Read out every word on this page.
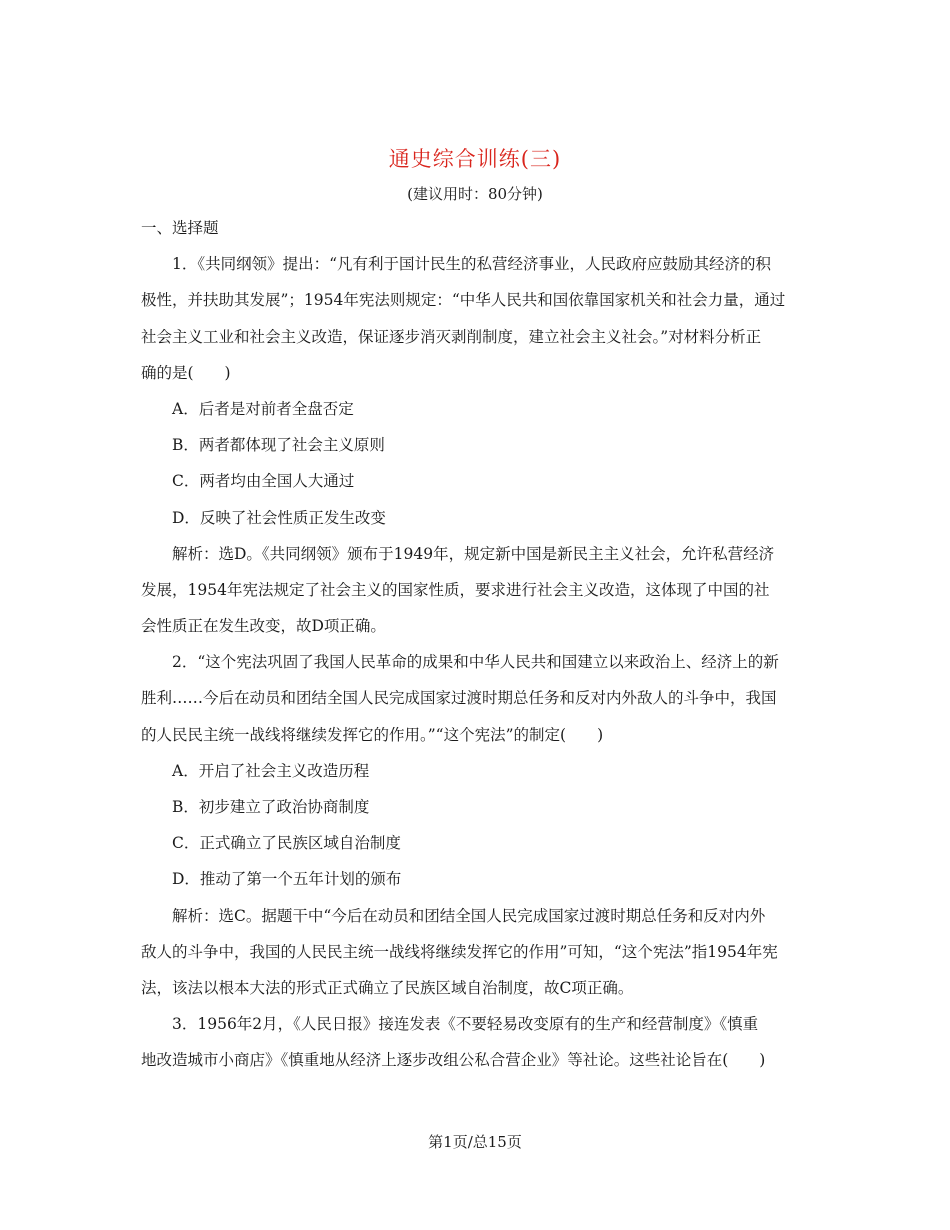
通史综合训练(三)
(建议用时：80分钟)
一、选择题
1．《共同纲领》提出：“凡有利于国计民生的私营经济事业，人民政府应鼓励其经济的积
极性，并扶助其发展”；1954年宪法则规定：“中华人民共和国依靠国家机关和社会力量，通过
社会主义工业和社会主义改造，保证逐步消灭剥削制度，建立社会主义社会。”对材料分析正
确的是(　　)
A．后者是对前者全盘否定
B．两者都体现了社会主义原则
C．两者均由全国人大通过
D．反映了社会性质正发生改变
解析：选D。《共同纲领》颁布于1949年，规定新中国是新民主主义社会，允许私营经济
发展，1954年宪法规定了社会主义的国家性质，要求进行社会主义改造，这体现了中国的社
会性质正在发生改变，故D项正确。
2．“这个宪法巩固了我国人民革命的成果和中华人民共和国建立以来政治上、经济上的新
胜利……今后在动员和团结全国人民完成国家过渡时期总任务和反对内外敌人的斗争中，我国
的人民民主统一战线将继续发挥它的作用。”“这个宪法”的制定(　　)
A．开启了社会主义改造历程
B．初步建立了政治协商制度
C．正式确立了民族区域自治制度
D．推动了第一个五年计划的颁布
解析：选C。据题干中“今后在动员和团结全国人民完成国家过渡时期总任务和反对内外
敌人的斗争中，我国的人民民主统一战线将继续发挥它的作用”可知，“这个宪法”指1954年宪
法，该法以根本大法的形式正式确立了民族区域自治制度，故C项正确。
3．1956年2月，《人民日报》接连发表《不要轻易改变原有的生产和经营制度》《慎重
地改造城市小商店》《慎重地从经济上逐步改组公私合营企业》等社论。这些社论旨在(　　)
第1页/总15页
